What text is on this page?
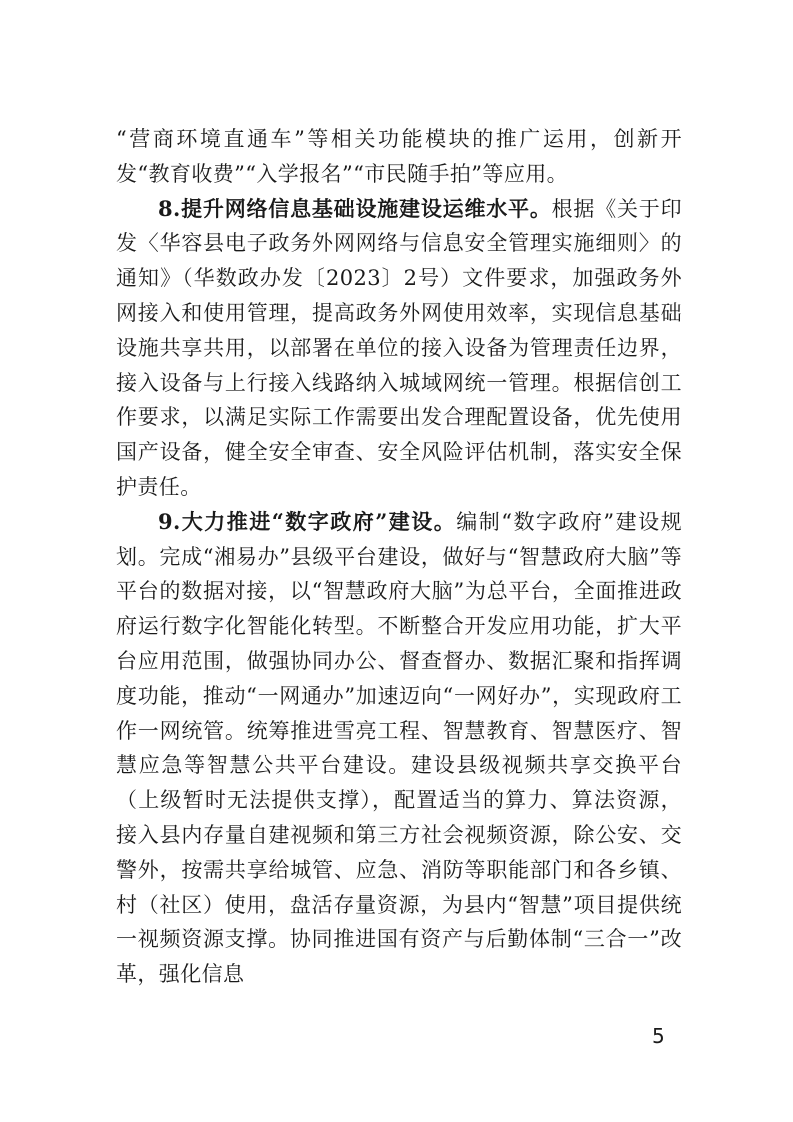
“营商环境直通车”等相关功能模块的推广运用，创新开发“教育收费”“入学报名”“市民随手拍”等应用。

8.提升网络信息基础设施建设运维水平。根据《关于印发〈华容县电子政务外网网络与信息安全管理实施细则〉的通知》（华数政办发〔2023〕2号）文件要求，加强政务外网接入和使用管理，提高政务外网使用效率，实现信息基础设施共享共用，以部署在单位的接入设备为管理责任边界，接入设备与上行接入线路纳入城域网统一管理。根据信创工作要求，以满足实际工作需要出发合理配置设备，优先使用国产设备，健全安全审查、安全风险评估机制，落实安全保护责任。

9.大力推进“数字政府”建设。编制“数字政府”建设规划。完成“湘易办”县级平台建设，做好与“智慧政府大脑”等平台的数据对接，以“智慧政府大脑”为总平台，全面推进政府运行数字化智能化转型。不断整合开发应用功能，扩大平台应用范围，做强协同办公、督查督办、数据汇聚和指挥调度功能，推动“一网通办”加速迈向“一网好办”，实现政府工作一网统管。统筹推进雪亮工程、智慧教育、智慧医疗、智慧应急等智慧公共平台建设。建设县级视频共享交换平台（上级暂时无法提供支撑），配置适当的算力、算法资源，接入县内存量自建视频和第三方社会视频资源，除公安、交警外，按需共享给城管、应急、消防等职能部门和各乡镇、村（社区）使用，盘活存量资源，为县内“智慧”项目提供统一视频资源支撑。协同推进国有资产与后勤体制“三合一”改革，强化信息

5
